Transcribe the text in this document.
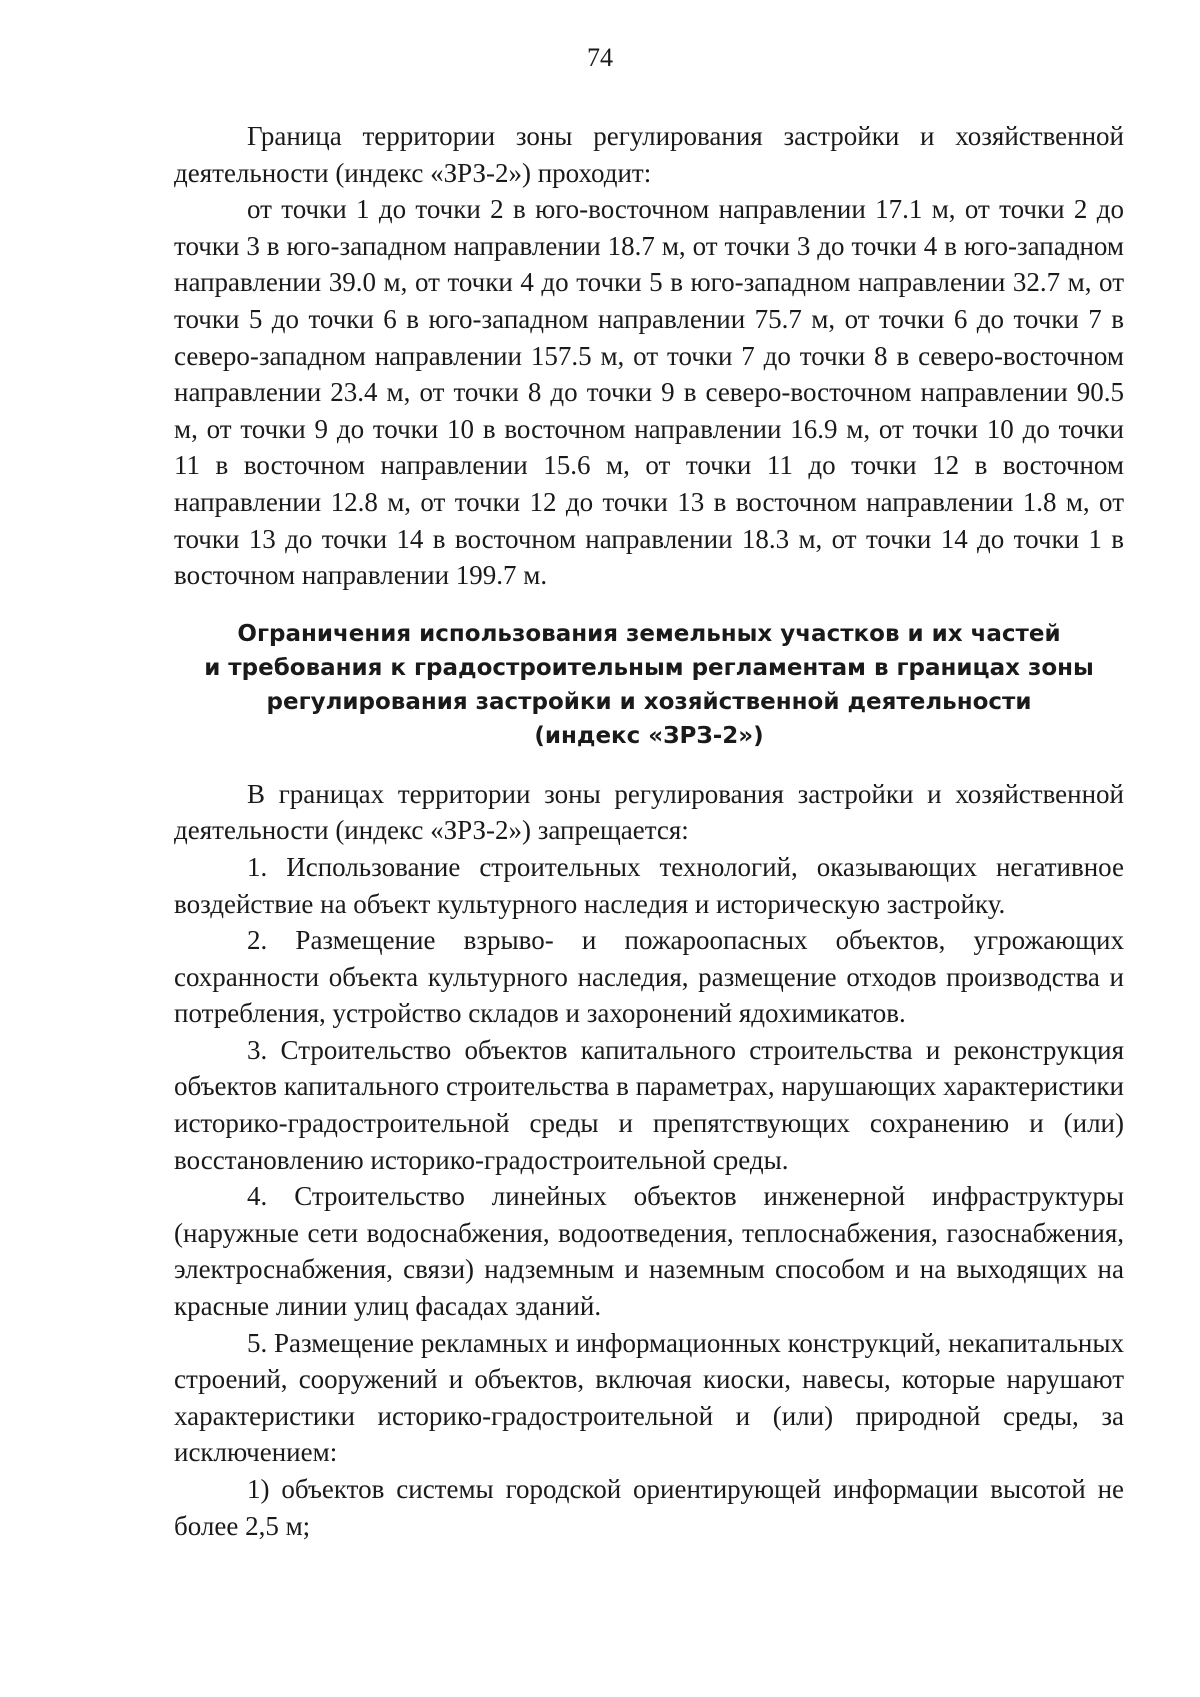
74

Граница территории зоны регулирования застройки и хозяйственной деятельности (индекс «ЗРЗ-2») проходит:

от точки 1 до точки 2 в юго-восточном направлении 17.1 м, от точки 2 до точки 3 в юго-западном направлении 18.7 м, от точки 3 до точки 4 в юго-западном направлении 39.0 м, от точки 4 до точки 5 в юго-западном направлении 32.7 м, от точки 5 до точки 6 в юго-западном направлении 75.7 м, от точки 6 до точки 7 в северо-западном направлении 157.5 м, от точки 7 до точки 8 в северо-восточном направлении 23.4 м, от точки 8 до точки 9 в северо-восточном направлении 90.5 м, от точки 9 до точки 10 в восточном направлении 16.9 м, от точки 10 до точки 11 в восточном направлении 15.6 м, от точки 11 до точки 12 в восточном направлении 12.8 м, от точки 12 до точки 13 в восточном направлении 1.8 м, от точки 13 до точки 14 в восточном направлении 18.3 м, от точки 14 до точки 1 в восточном направлении 199.7 м.

Ограничения использования земельных участков и их частей
и требования к градостроительным регламентам в границах зоны
регулирования застройки и хозяйственной деятельности
(индекс «ЗРЗ-2»)

В границах территории зоны регулирования застройки и хозяйственной деятельности (индекс «ЗРЗ-2») запрещается:

1. Использование строительных технологий, оказывающих негативное воздействие на объект культурного наследия и историческую застройку.

2. Размещение взрыво- и пожароопасных объектов, угрожающих сохранности объекта культурного наследия, размещение отходов производства и потребления, устройство складов и захоронений ядохимикатов.

3. Строительство объектов капитального строительства и реконструкция объектов капитального строительства в параметрах, нарушающих характеристики историко-градостроительной среды и препятствующих сохранению и (или) восстановлению историко-градостроительной среды.

4. Строительство линейных объектов инженерной инфраструктуры (наружные сети водоснабжения, водоотведения, теплоснабжения, газоснабжения, электроснабжения, связи) надземным и наземным способом и на выходящих на красные линии улиц фасадах зданий.

5. Размещение рекламных и информационных конструкций, некапитальных строений, сооружений и объектов, включая киоски, навесы, которые нарушают характеристики историко-градостроительной и (или) природной среды, за исключением:

1) объектов системы городской ориентирующей информации высотой не более 2,5 м;
